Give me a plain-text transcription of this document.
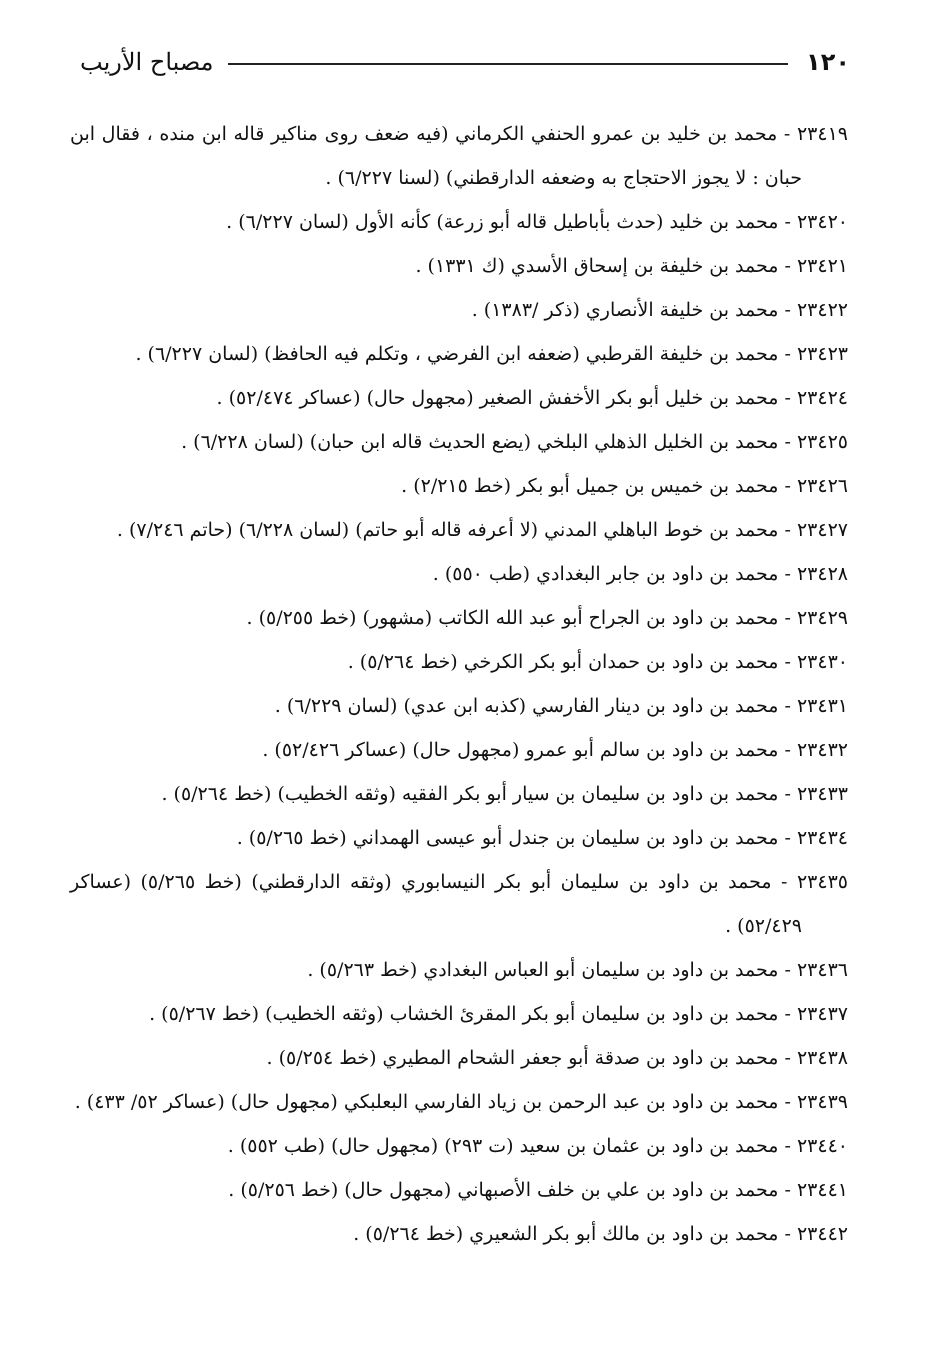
١٢٠
مصباح الأريب

٢٣٤١٩ - محمد بن خليد بن عمرو الحنفي الكرماني (فيه ضعف روى مناكير قاله ابن منده ، فقال ابن حبان : لا يجوز الاحتجاج به وضعفه الدارقطني) (لسنا ٦/٢٢٧) .

٢٣٤٢٠ - محمد بن خليد (حدث بأباطيل قاله أبو زرعة) كأنه الأول (لسان ٦/٢٢٧) .

٢٣٤٢١ - محمد بن خليفة بن إسحاق الأسدي (ك ١٣٣١) .

٢٣٤٢٢ - محمد بن خليفة الأنصاري (ذكر /١٣٨٣) .

٢٣٤٢٣ - محمد بن خليفة القرطبي (ضعفه ابن الفرضي ، وتكلم فيه الحافظ) (لسان ٦/٢٢٧) .

٢٣٤٢٤ - محمد بن خليل أبو بكر الأخفش الصغير (مجهول حال) (عساكر ٥٢/٤٧٤) .

٢٣٤٢٥ - محمد بن الخليل الذهلي البلخي (يضع الحديث قاله ابن حبان) (لسان ٦/٢٢٨) .

٢٣٤٢٦ - محمد بن خميس بن جميل أبو بكر (خط ٢/٢١٥) .

٢٣٤٢٧ - محمد بن خوط الباهلي المدني (لا أعرفه قاله أبو حاتم) (لسان ٦/٢٢٨) (حاتم ٧/٢٤٦) .

٢٣٤٢٨ - محمد بن داود بن جابر البغدادي (طب ٥٥٠) .

٢٣٤٢٩ - محمد بن داود بن الجراح أبو عبد الله الكاتب (مشهور) (خط ٥/٢٥٥) .

٢٣٤٣٠ - محمد بن داود بن حمدان أبو بكر الكرخي (خط ٥/٢٦٤) .

٢٣٤٣١ - محمد بن داود بن دينار الفارسي (كذبه ابن عدي) (لسان ٦/٢٢٩) .

٢٣٤٣٢ - محمد بن داود بن سالم أبو عمرو (مجهول حال) (عساكر ٥٢/٤٢٦) .

٢٣٤٣٣ - محمد بن داود بن سليمان بن سيار أبو بكر الفقيه (وثقه الخطيب) (خط ٥/٢٦٤) .

٢٣٤٣٤ - محمد بن داود بن سليمان بن جندل أبو عيسى الهمداني (خط ٥/٢٦٥) .

٢٣٤٣٥ - محمد بن داود بن سليمان أبو بكر النيسابوري (وثقه الدارقطني) (خط ٥/٢٦٥) (عساكر ٥٢/٤٢٩) .

٢٣٤٣٦ - محمد بن داود بن سليمان أبو العباس البغدادي (خط ٥/٢٦٣) .

٢٣٤٣٧ - محمد بن داود بن سليمان أبو بكر المقرئ الخشاب (وثقه الخطيب) (خط ٥/٢٦٧) .

٢٣٤٣٨ - محمد بن داود بن صدقة أبو جعفر الشحام المطيري (خط ٥/٢٥٤) .

٢٣٤٣٩ - محمد بن داود بن عبد الرحمن بن زياد الفارسي البعلبكي (مجهول حال) (عساكر ٥٢/ ٤٣٣) .

٢٣٤٤٠ - محمد بن داود بن عثمان بن سعيد (ت ٢٩٣) (مجهول حال) (طب ٥٥٢) .

٢٣٤٤١ - محمد بن داود بن علي بن خلف الأصبهاني (مجهول حال) (خط ٥/٢٥٦) .

٢٣٤٤٢ - محمد بن داود بن مالك أبو بكر الشعيري (خط ٥/٢٦٤) .
